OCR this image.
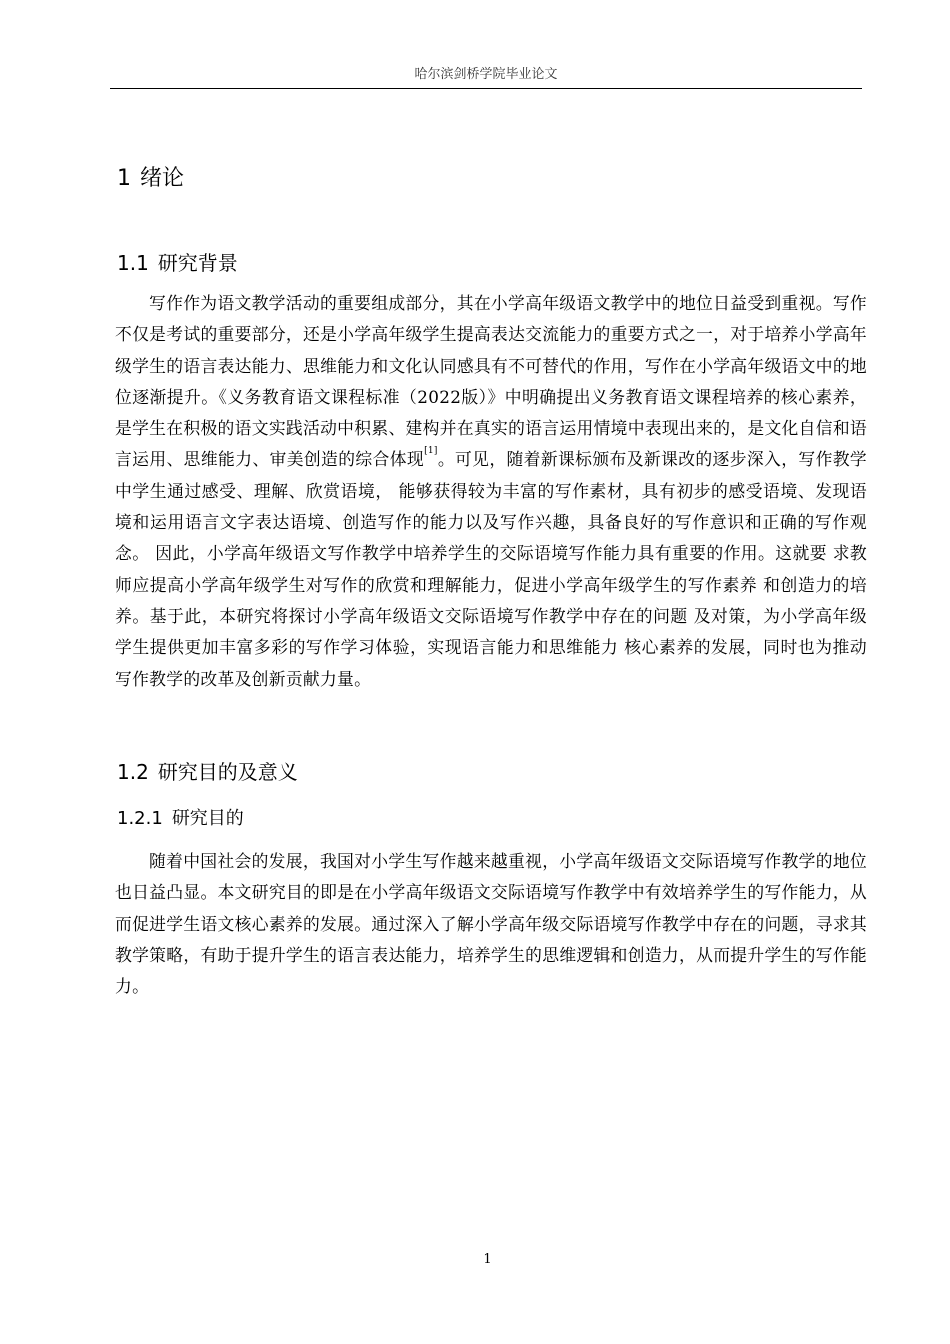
哈尔滨剑桥学院毕业论文
1 绪论
1.1 研究背景

写作作为语文教学活动的重要组成部分，其在小学高年级语文教学中的地位日益受到重视。写作不仅是考试的重要部分，还是小学高年级学生提高表达交流能力的重要方式之一，对于培养小学高年级学生的语言表达能力、思维能力和文化认同感具有不可替代的作用，写作在小学高年级语文中的地位逐渐提升。《义务教育语文课程标准（2022版）》中明确提出义务教育语文课程培养的核心素养，是学生在积极的语文实践活动中积累、建构并在真实的语言运用情境中表现出来的，是文化自信和语言运用、思维能力、审美创造的综合体现[1]。可见，随着新课标颁布及新课改的逐步深入，写作教学中学生通过感受、理解、欣赏语境， 能够获得较为丰富的写作素材，具有初步的感受语境、发现语境和运用语言文字表达语境、创造写作的能力以及写作兴趣，具备良好的写作意识和正确的写作观念。 因此，小学高年级语文写作教学中培养学生的交际语境写作能力具有重要的作用。这就要 求教师应提高小学高年级学生对写作的欣赏和理解能力，促进小学高年级学生的写作素养 和创造力的培养。基于此，本研究将探讨小学高年级语文交际语境写作教学中存在的问题 及对策，为小学高年级学生提供更加丰富多彩的写作学习体验，实现语言能力和思维能力 核心素养的发展，同时也为推动写作教学的改革及创新贡献力量。

1.2 研究目的及意义
1.2.1 研究目的

随着中国社会的发展，我国对小学生写作越来越重视，小学高年级语文交际语境写作教学的地位也日益凸显。本文研究目的即是在小学高年级语文交际语境写作教学中有效培养学生的写作能力，从而促进学生语文核心素养的发展。通过深入了解小学高年级交际语境写作教学中存在的问题，寻求其教学策略，有助于提升学生的语言表达能力，培养学生的思维逻辑和创造力，从而提升学生的写作能力。

1
